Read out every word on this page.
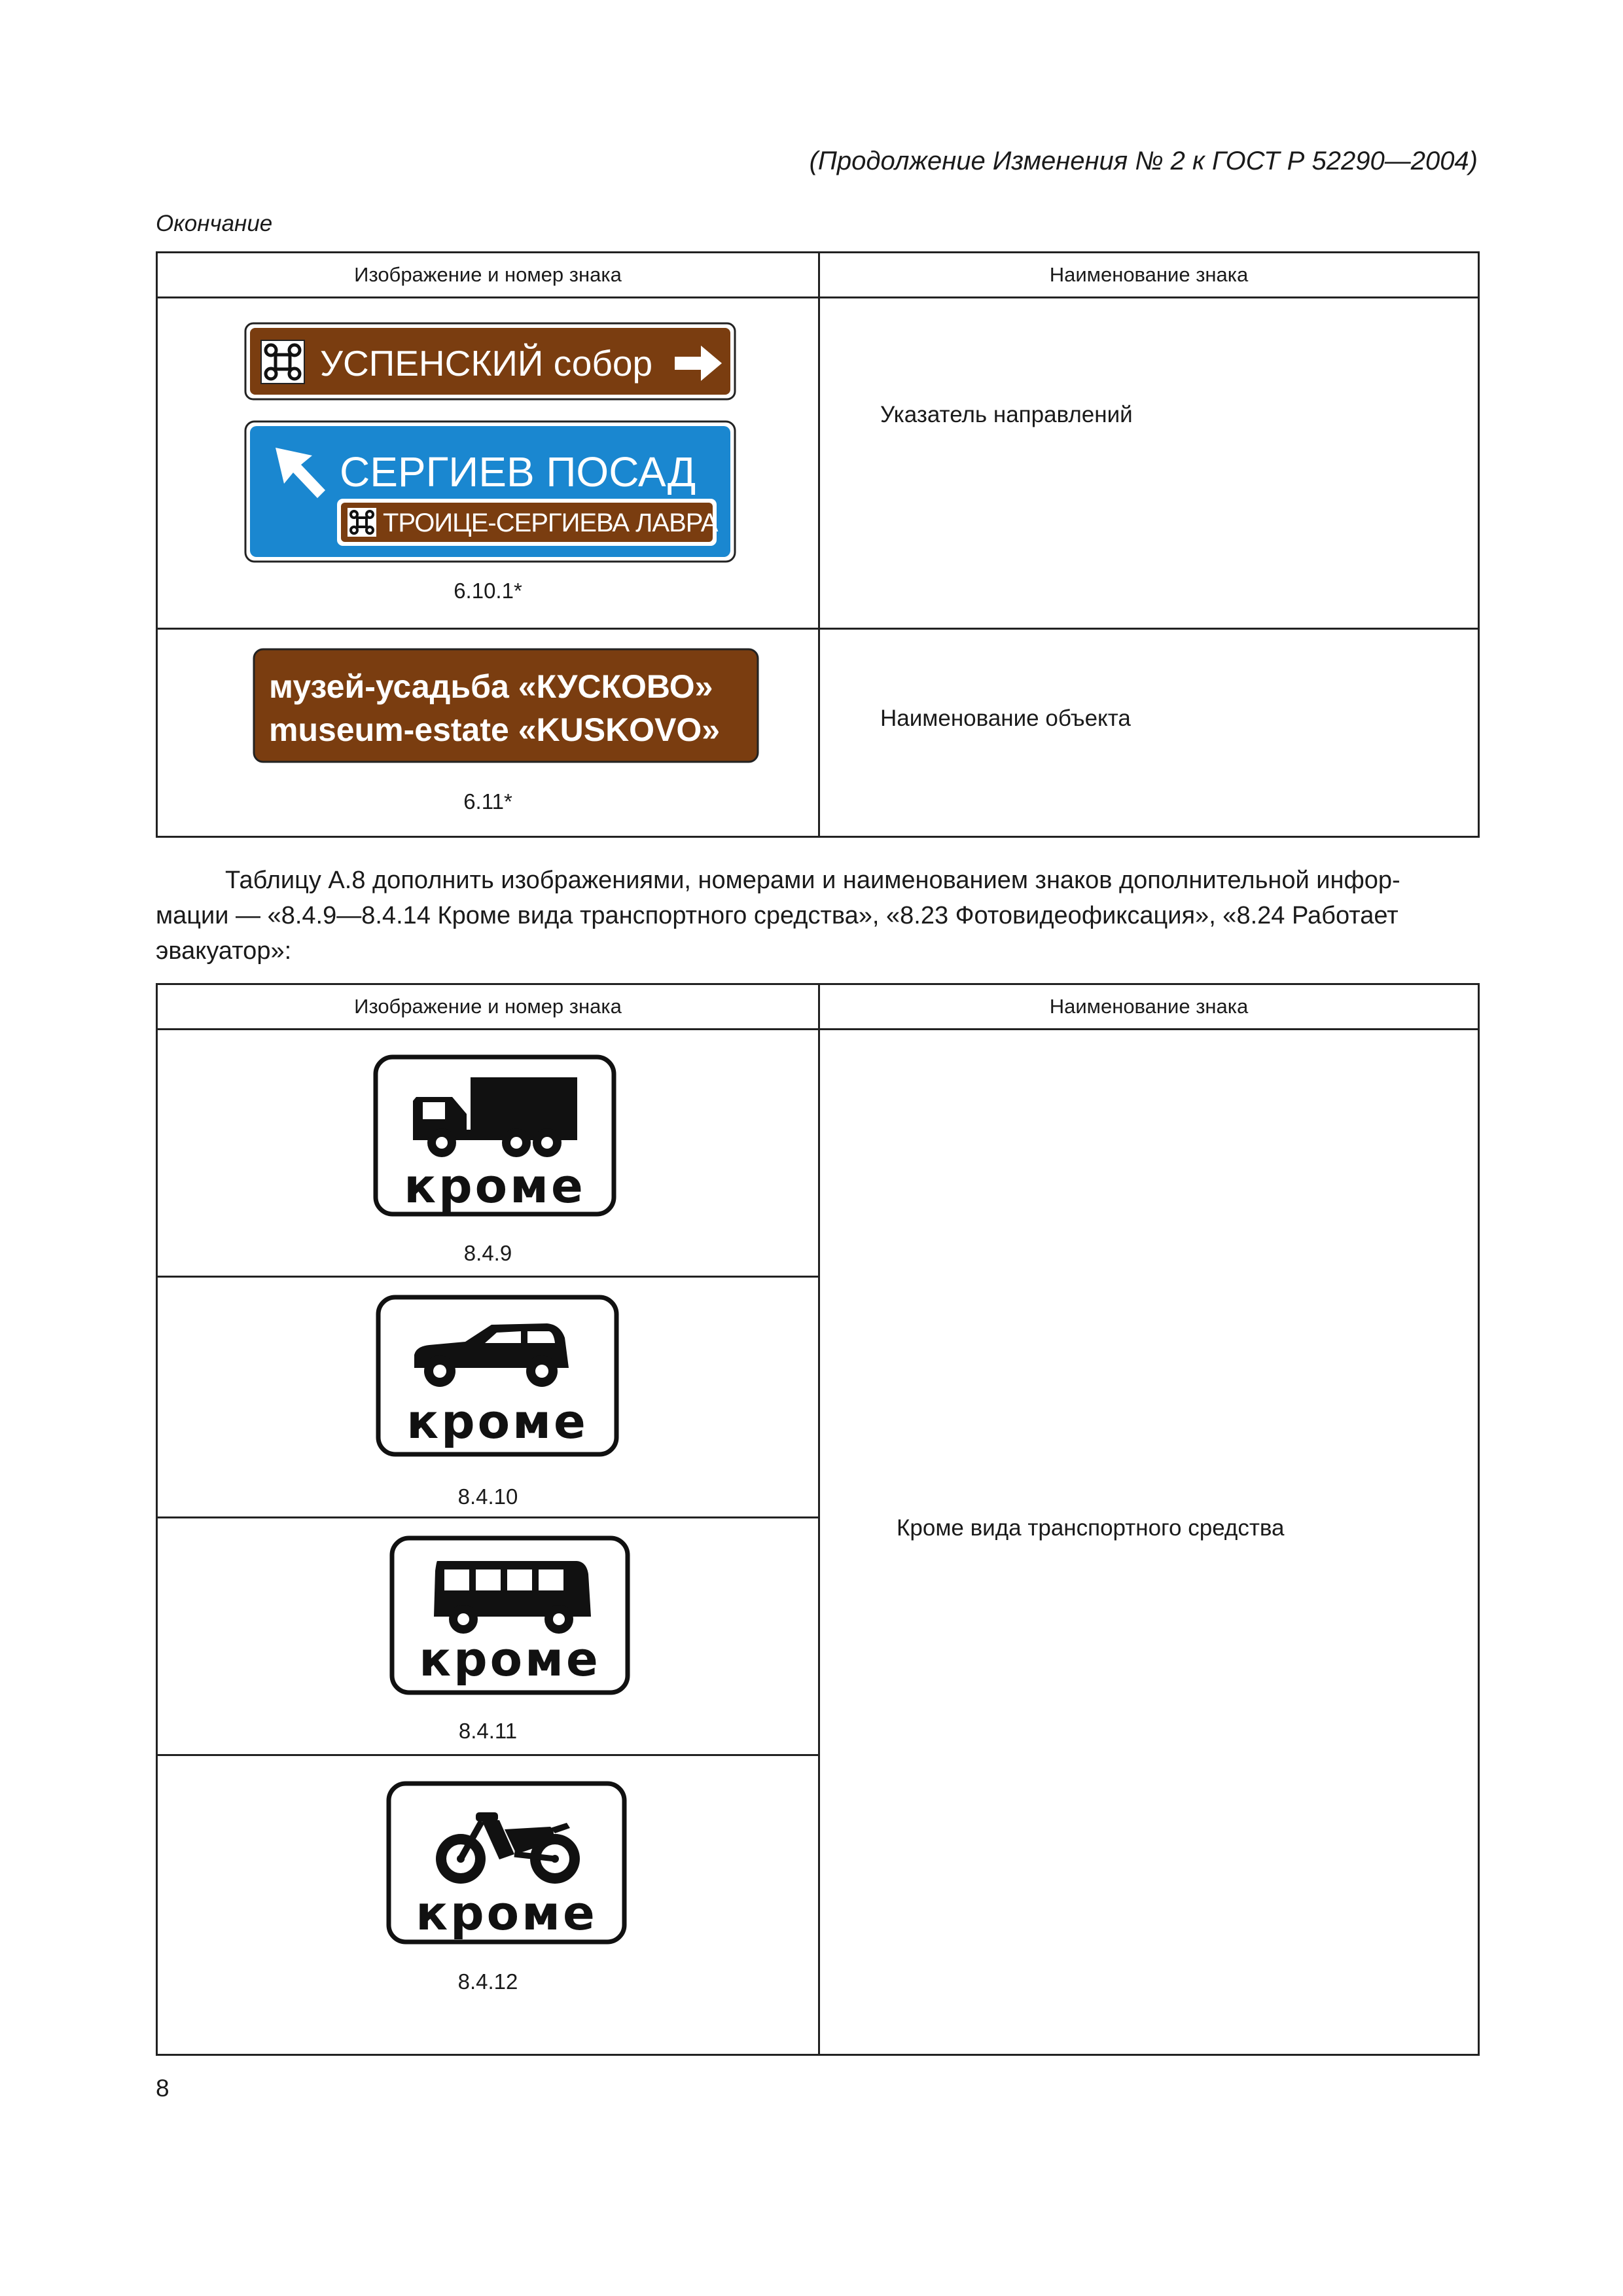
(Продолжение Изменения № 2 к ГОСТ Р 52290—2004)
Окончание
Изображение и номер знака	Наименование знака

УСПЕНСКИЙ собор
СЕРГИЕВ ПОСАД
ТРОИЦЕ-СЕРГИЕВА ЛАВРА
6.10.1*	Указатель направлений

музей-усадьба «КУСКОВО»
museum-estate «KUSKOVO»
6.11*	Наименование объекта
Таблицу А.8 дополнить изображениями, номерами и наименованием знаков дополнительной инфор-
мации — «8.4.9—8.4.14 Кроме вида транспортного средства», «8.23 Фотовидеофиксация», «8.24 Работает
эвакуатор»:
Изображение и номер знака	Наименование знака

кроме
8.4.9	Кроме вида транспортного средства

кроме
8.4.10	

кроме
8.4.11	

кроме
8.4.12	
8
